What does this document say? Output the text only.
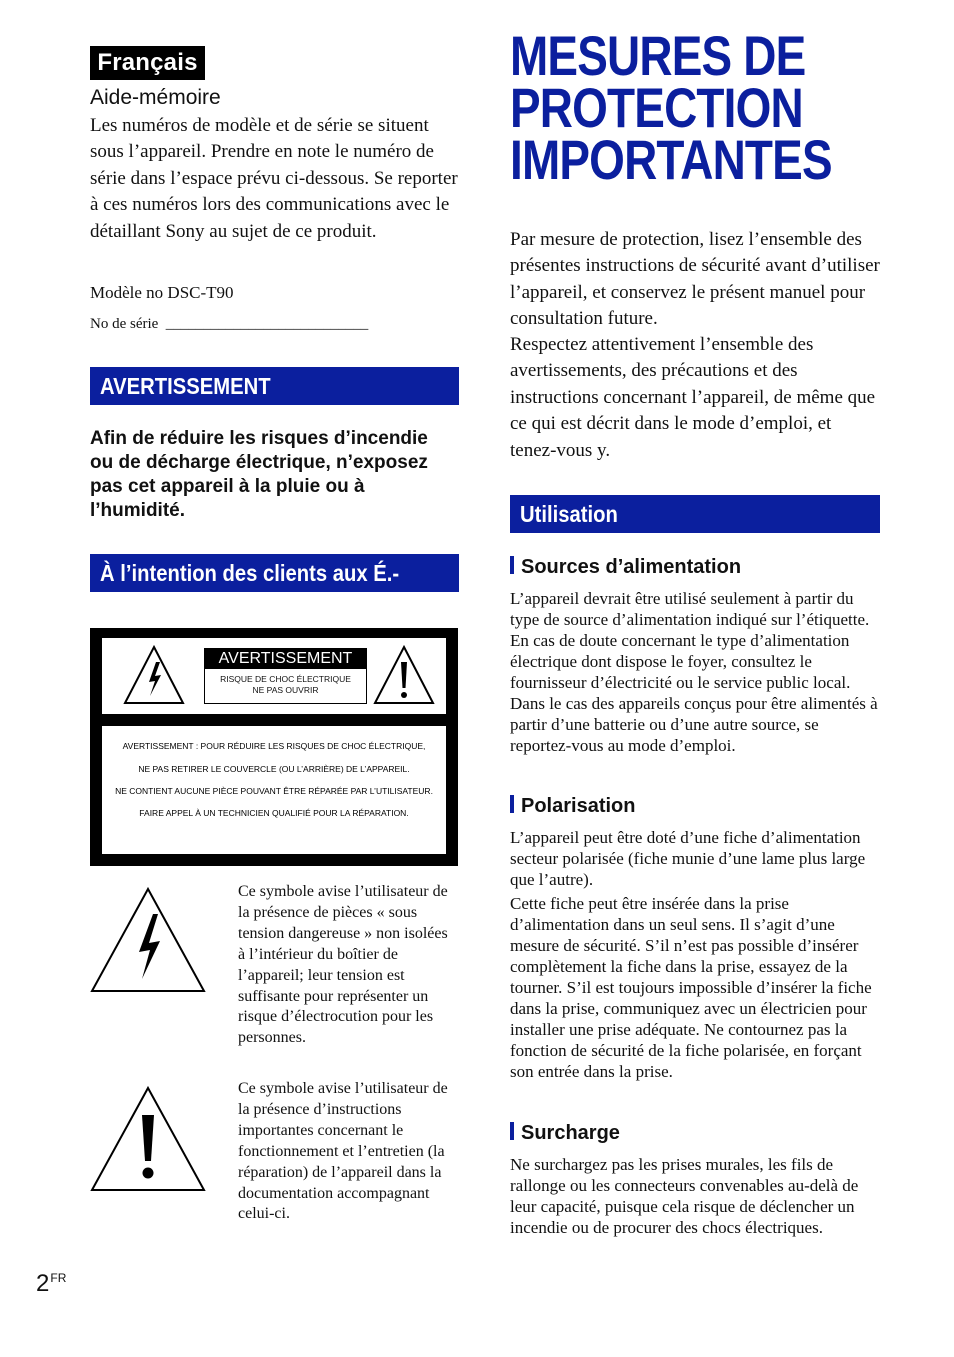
Français
Aide-mémoire
Les numéros de modèle et de série se situent sous l’appareil. Prendre en note le numéro de série dans l’espace prévu ci-dessous. Se reporter à ces numéros lors des communications avec le détaillant Sony au sujet de ce produit.
Modèle no DSC-T90
No de série  ___________________________
AVERTISSEMENT
Afin de réduire les risques d’incendie ou de décharge électrique, n’exposez pas cet appareil à la pluie ou à l’humidité.
À l’intention des clients aux É.-U.
AVERTISSEMENT
RISQUE DE CHOC ÉLECTRIQUE
NE PAS OUVRIR
AVERTISSEMENT : POUR RÉDUIRE LES RISQUES DE CHOC ÉLECTRIQUE,
NE PAS RETIRER LE COUVERCLE (OU L’ARRIÈRE) DE L’APPAREIL.
NE CONTIENT AUCUNE PIÈCE POUVANT ÊTRE RÉPARÉE PAR L’UTILISATEUR.
FAIRE APPEL À UN TECHNICIEN QUALIFIÉ POUR LA RÉPARATION.
Ce symbole avise l’utilisateur de la présence de pièces « sous tension dangereuse » non isolées à l’intérieur du boîtier de l’appareil; leur tension est suffisante pour représenter un risque d’électrocution pour les personnes.
Ce symbole avise l’utilisateur de la présence d’instructions importantes concernant le fonctionnement et l’entretien (la réparation) de l’appareil dans la documentation accompagnant celui-ci.
MESURES DE
PROTECTION
IMPORTANTES
Par mesure de protection, lisez l’ensemble des présentes instructions de sécurité avant d’utiliser l’appareil, et conservez le présent manuel pour consultation future.
Respectez attentivement l’ensemble des avertissements, des précautions et des instructions concernant l’appareil, de même que ce qui est décrit dans le mode d’emploi, et tenez-vous y.
Utilisation
Sources d’alimentation
L’appareil devrait être utilisé seulement à partir du type de source d’alimentation indiqué sur l’étiquette. En cas de doute concernant le type d’alimentation électrique dont dispose le foyer, consultez le fournisseur d’électricité ou le service public local. Dans le cas des appareils conçus pour être alimentés à partir d’une batterie ou d’une autre source, se reportez-vous au mode d’emploi.
Polarisation
L’appareil peut être doté d’une fiche d’alimentation secteur polarisée (fiche munie d’une lame plus large que l’autre).
Cette fiche peut être insérée dans la prise d’alimentation dans un seul sens. Il s’agit d’une mesure de sécurité. S’il n’est pas possible d’insérer complètement la fiche dans la prise, essayez de la tourner. S’il est toujours impossible d’insérer la fiche dans la prise, communiquez avec un électricien pour installer une prise adéquate. Ne contournez pas la fonction de sécurité de la fiche polarisée, en forçant son entrée dans la prise.
Surcharge
Ne surchargez pas les prises murales, les fils de rallonge ou les connecteurs convenables au-delà de leur capacité, puisque cela risque de déclencher un incendie ou de procurer des chocs électriques.
$2^{FR}$
